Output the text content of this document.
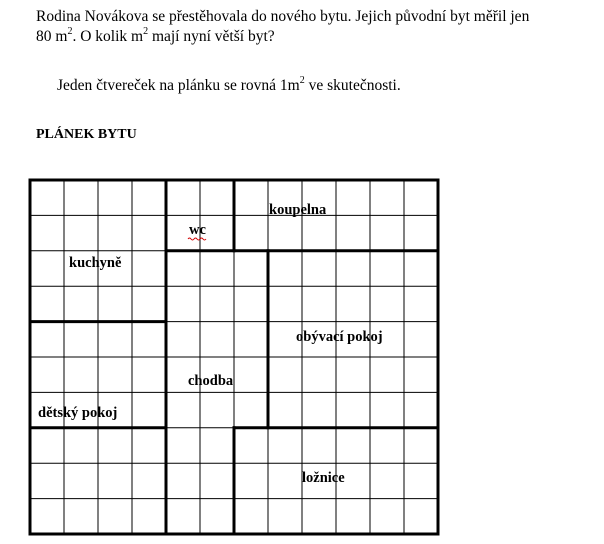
Rodina Novákova se přestěhovala do nového bytu. Jejich původní byt měřil jen
80 $m^2$. O kolik $m^2$ mají nyní větší byt?

Jeden čtvereček na plánku se rovná $1m^2$ ve skutečnosti.

PLÁNEK BYTU
wc
koupelna
kuchyně
obývací pokoj
chodba
dětský pokoj
ložnice
